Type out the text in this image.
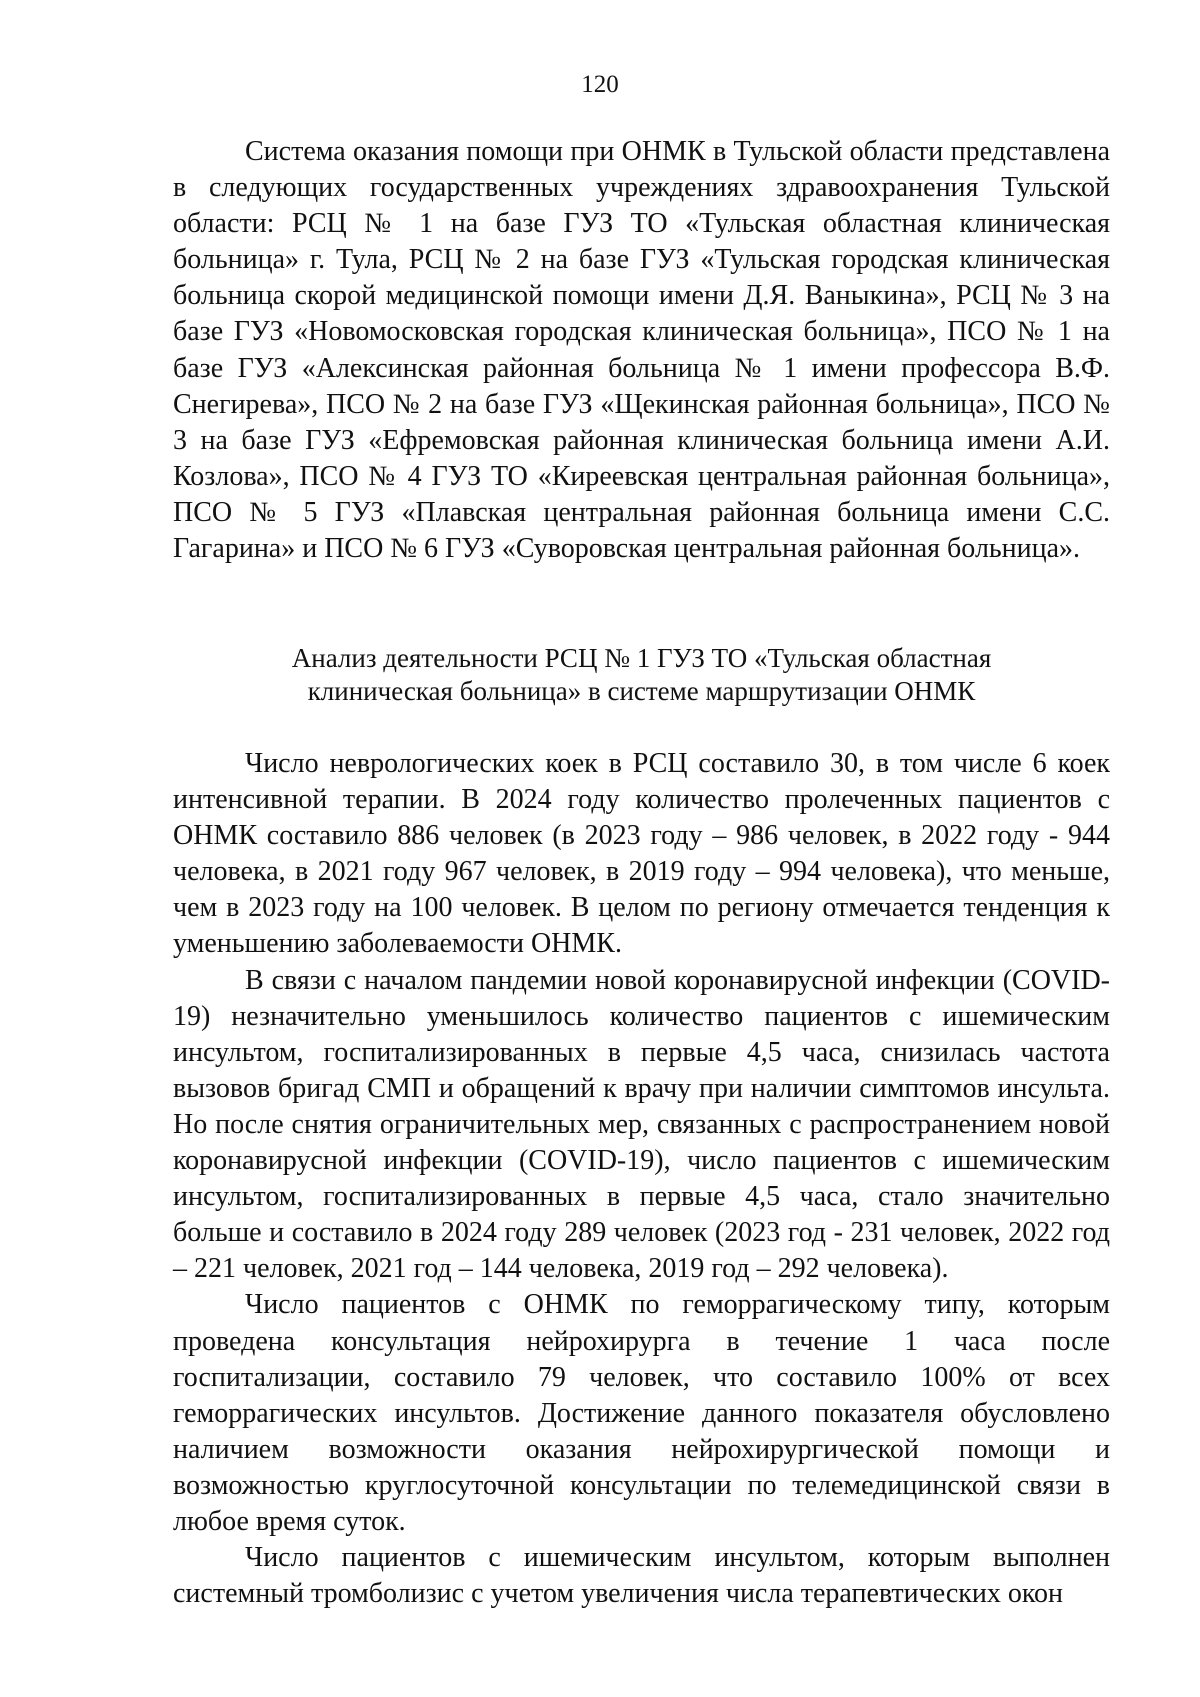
120

Система оказания помощи при ОНМК в Тульской области представлена в следующих государственных учреждениях здравоохранения Тульской области: РСЦ № 1 на базе ГУЗ ТО «Тульская областная клиническая больница» г. Тула, РСЦ № 2 на базе ГУЗ «Тульская городская клиническая больница скорой медицинской помощи имени Д.Я. Ваныкина», РСЦ № 3 на базе ГУЗ «Новомосковская городская клиническая больница», ПСО № 1 на базе ГУЗ «Алексинская районная больница № 1 имени профессора В.Ф. Снегирева», ПСО № 2 на базе ГУЗ «Щекинская районная больница», ПСО № 3 на базе ГУЗ «Ефремовская районная клиническая больница имени А.И. Козлова», ПСО № 4 ГУЗ ТО «Киреевская центральная районная больница», ПСО № 5 ГУЗ «Плавская центральная районная больница имени С.С. Гагарина» и ПСО № 6 ГУЗ «Суворовская центральная районная больница».

Анализ деятельности РСЦ № 1 ГУЗ ТО «Тульская областная
клиническая больница» в системе маршрутизации ОНМК

Число неврологических коек в РСЦ составило 30, в том числе 6 коек интенсивной терапии. В 2024 году количество пролеченных пациентов с ОНМК составило 886 человек (в 2023 году – 986 человек, в 2022 году - 944 человека, в 2021 году 967 человек, в 2019 году – 994 человека), что меньше, чем в 2023 году на 100 человек. В целом по региону отмечается тенденция к уменьшению заболеваемости ОНМК.

В связи с началом пандемии новой коронавирусной инфекции (COVID-19) незначительно уменьшилось количество пациентов с ишемическим инсультом, госпитализированных в первые 4,5 часа, снизилась частота вызовов бригад СМП и обращений к врачу при наличии симптомов инсульта. Но после снятия ограничительных мер, связанных с распространением новой коронавирусной инфекции (COVID-19), число пациентов с ишемическим инсультом, госпитализированных в первые 4,5 часа, стало значительно больше и составило в 2024 году 289 человек (2023 год - 231 человек, 2022 год – 221 человек, 2021 год – 144 человека, 2019 год – 292 человека).

Число пациентов с ОНМК по геморрагическому типу, которым проведена консультация нейрохирурга в течение 1 часа после госпитализации, составило 79 человек, что составило 100% от всех геморрагических инсультов. Достижение данного показателя обусловлено наличием возможности оказания нейрохирургической помощи и возможностью круглосуточной консультации по телемедицинской связи в любое время суток.

Число пациентов с ишемическим инсультом, которым выполнен системный тромболизис с учетом увеличения числа терапевтических окон
